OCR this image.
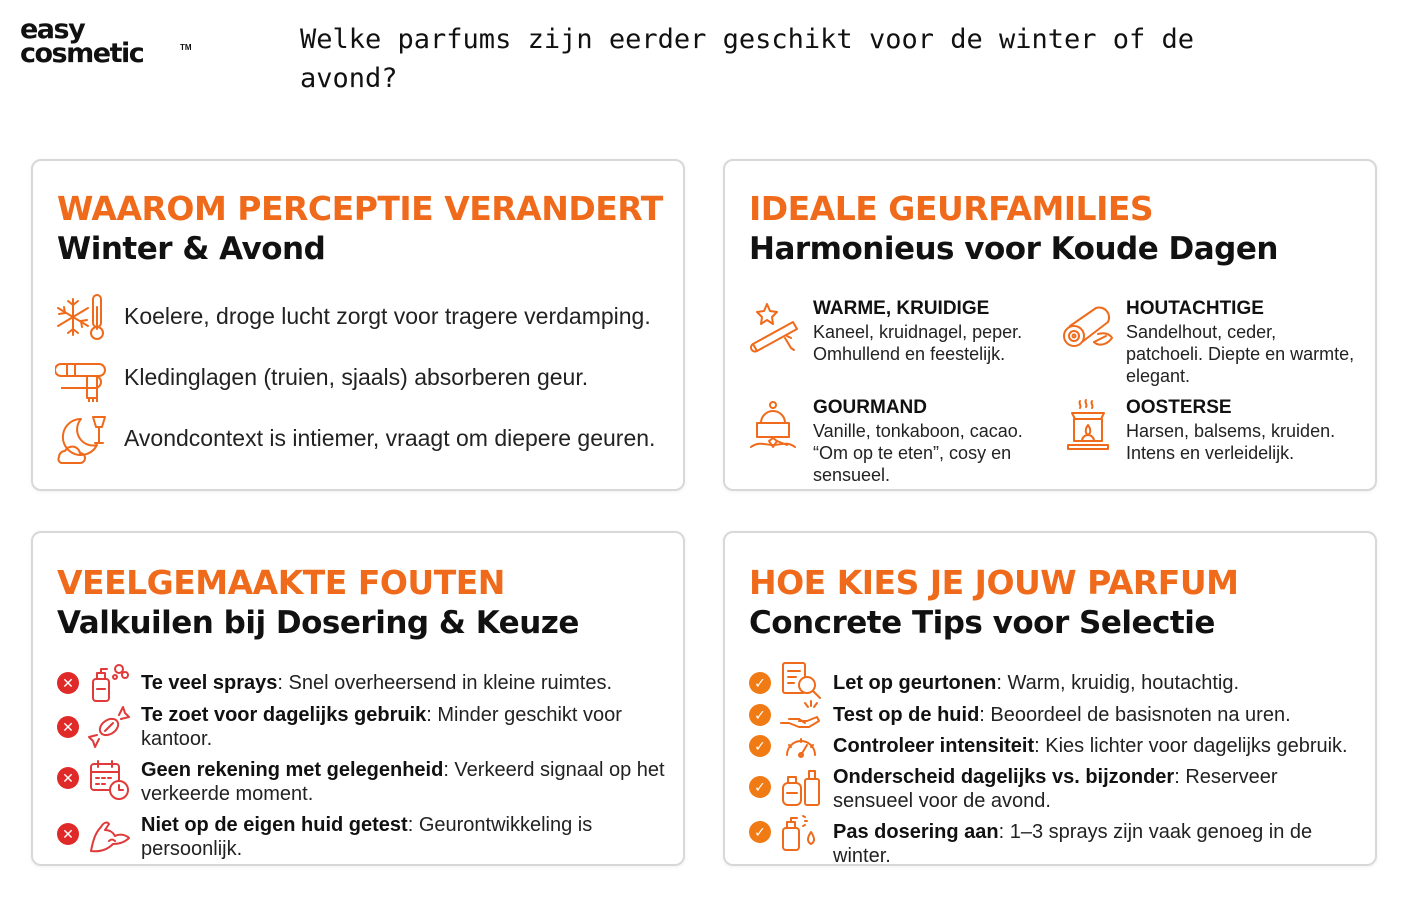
easy
cosmetic	TM	Welke parfums zijn eerder geschikt voor de winter of de avond?
WAAROM PERCEPTIE VERANDERT
Winter & Avond
Koelere, droge lucht zorgt voor tragere verdamping.
Kledinglagen (truien, sjaals) absorberen geur.
Avondcontext is intiemer, vraagt om diepere geuren.
IDEALE GEURFAMILIES
Harmonieus voor Koude Dagen
WARME, KRUIDIGE
Kaneel, kruidnagel, peper. Omhullend en feestelijk.
HOUTACHTIGE
Sandelhout, ceder, patchoeli. Diepte en warmte, elegant.
GOURMAND
Vanille, tonkaboon, cacao. “Om op te eten”, cosy en sensueel.
OOSTERSE
Harsen, balsems, kruiden. Intens en verleidelijk.
VEELGEMAAKTE FOUTEN
Valkuilen bij Dosering & Keuze
✕	Te veel sprays: Snel overheersend in kleine ruimtes.
✕
Te zoet voor dagelijks gebruik: Minder geschikt voor kantoor.
✕	Geen rekening met gelegenheid: Verkeerd signaal op het verkeerde moment.
✕	Niet op de eigen huid getest: Geurontwikkeling is persoonlijk.
HOE KIES JE JOUW PARFUM
Concrete Tips voor Selectie
✓	Let op geurtonen: Warm, kruidig, houtachtig.
✓	Test op de huid: Beoordeel de basisnoten na uren.
✓	Controleer intensiteit: Kies lichter voor dagelijks gebruik.
✓	Onderscheid dagelijks vs. bijzonder: Reserveer sensueel voor de avond.
✓	Pas dosering aan: 1–3 sprays zijn vaak genoeg in de winter.
